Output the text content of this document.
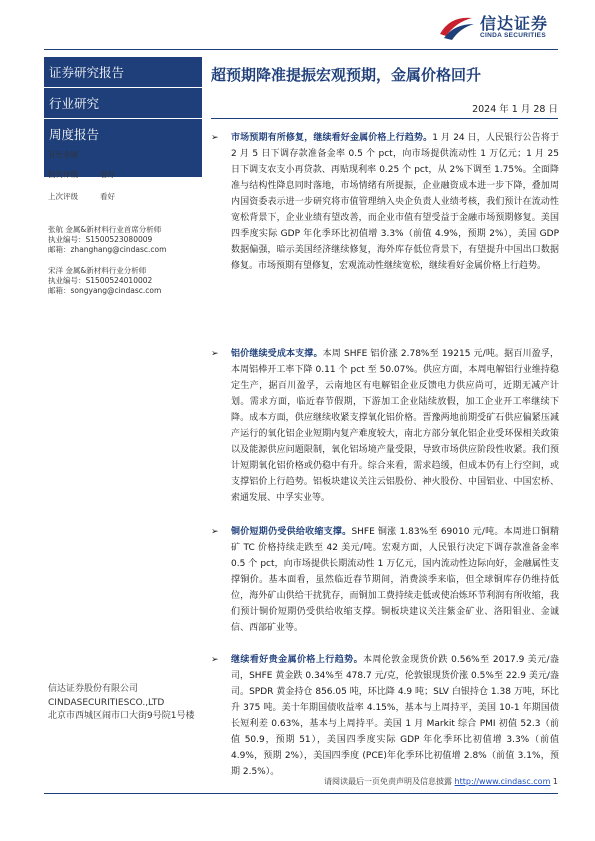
信达证券
CINDA SECURITIES
证券研究报告
行业研究
周度报告
有色金属
投资评级	看好
上次评级	看好
张航 金属&新材料行业首席分析师
执业编号：S1500523080009
邮箱：zhanghang@cindasc.com
宋洋 金属&新材料行业分析师
执业编号：S1500524010002
邮箱：songyang@cindasc.com
信达证券股份有限公司
CINDASECURITIESCO.,LTD
北京市西城区闹市口大街9号院1号楼
超预期降准提振宏观预期，金属价格回升
2024 年 1 月 28 日
➢ 市场预期有所修复，继续看好金属价格上行趋势。1 月 24 日，人民银行公告将于 2 月 5 日下调存款准备金率 0.5 个 pct，向市场提供流动性 1 万亿元；1 月 25 日下调支农支小再贷款、再贴现利率 0.25 个 pct，从 2%下调至 1.75%。全面降准与结构性降息同时落地，市场情绪有所提振，企业融资成本进一步下降，叠加周内国资委表示进一步研究将市值管理纳入央企负责人业绩考核，我们预计在流动性宽松背景下，企业业绩有望改善，而企业市值有望受益于金融市场预期修复。美国四季度实际 GDP 年化季环比初值增 3.3%（前值 4.9%，预期 2%），美国 GDP 数据偏强，暗示美国经济继续修复，海外库存低位背景下，有望提升中国出口数据修复。市场预期有望修复，宏观流动性继续宽松，继续看好金属价格上行趋势。
➢ 铝价继续受成本支撑。本周 SHFE 铝价涨 2.78%至 19215 元/吨。据百川盈孚，本周铝棒开工率下降 0.11 个 pct 至 50.07%。供应方面，本周电解铝行业维持稳定生产，据百川盈孚，云南地区有电解铝企业反馈电力供应尚可，近期无减产计划。需求方面，临近春节假期，下游加工企业陆续放假，加工企业开工率继续下降。成本方面，供应继续收紧支撑氧化铝价格。晋豫两地前期受矿石供应偏紧压减产运行的氧化铝企业短期内复产难度较大，南北方部分氧化铝企业受环保相关政策以及能源供应问题限制，氧化铝场境产量受限，导致市场供应阶段性收紧。我们预计短期氧化铝价格或仍稳中有升。综合来看，需求趋缓，但成本仍有上行空间，或支撑铝价上行趋势。铝板块建议关注云铝股份、神火股份、中国铝业、中国宏桥、索通发展、中孚实业等。
➢ 铜价短期仍受供给收缩支撑。SHFE 铜涨 1.83%至 69010 元/吨。本周进口铜精矿 TC 价格持续走跌至 42 美元/吨。宏观方面，人民银行决定下调存款准备金率 0.5 个 pct，向市场提供长期流动性 1 万亿元，国内流动性边际向好，金融属性支撑铜价。基本面看，虽然临近春节期间，消费淡季来临，但全球铜库存仍维持低位，海外矿山供给干扰犹存，而铜加工费持续走低或使冶炼环节利润有所收缩，我们预计铜价短期仍受供给收缩支撑。铜板块建议关注紫金矿业、洛阳钼业、金诚信、西部矿业等。
➢ 继续看好贵金属价格上行趋势。本周伦敦金现货价跌 0.56%至 2017.9 美元/盎司，SHFE 黄金跌 0.34%至 478.7 元/克，伦敦银现货价涨 0.5%至 22.9 美元/盎司。SPDR 黄金持仓 856.05 吨，环比降 4.9 吨；SLV 白银持仓 1.38 万吨，环比升 375 吨。美十年期国债收益率 4.15%，基本与上周持平，美国 10-1 年期国债长短利差 0.63%，基本与上周持平。美国 1 月 Markit 综合 PMI 初值 52.3（前值 50.9，预期 51），美国四季度实际 GDP 年化季环比初值增 3.3%（前值 4.9%，预期 2%），美国四季度 (PCE)年化季环比初值增 2.8%（前值 3.1%，预期 2.5%）。
请阅读最后一页免责声明及信息披露 http://www.cindasc.com 1
